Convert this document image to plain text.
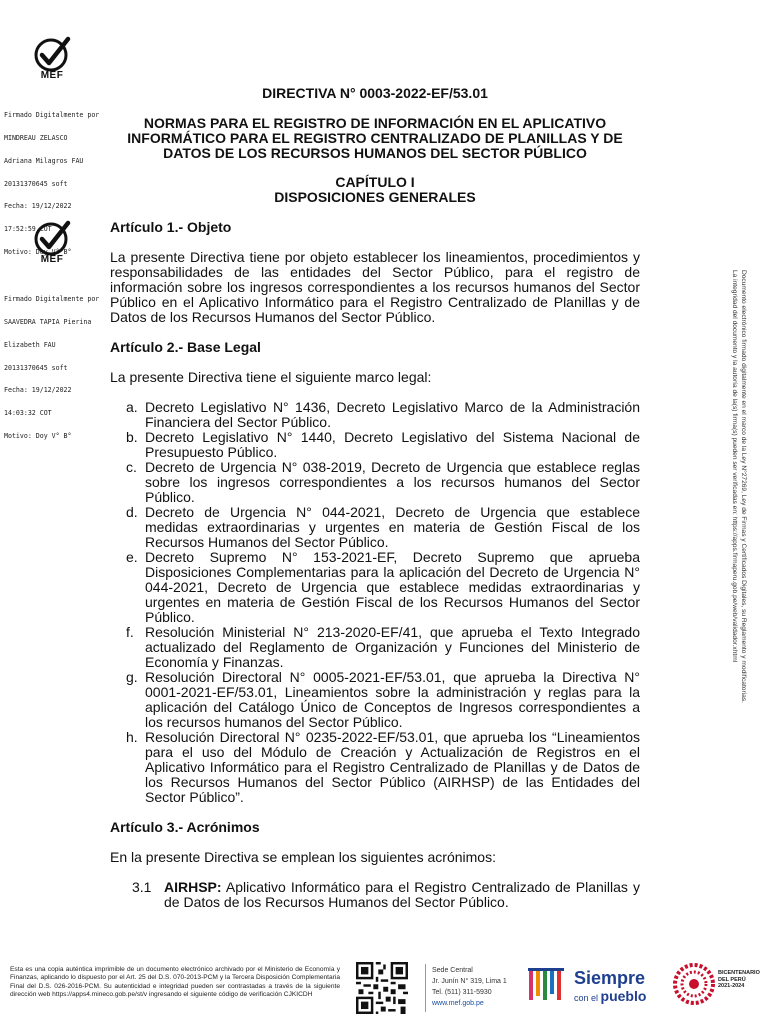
MEF

Firmado Digitalmente por

MINDREAU ZELASCO

Adriana Milagros FAU

20131370645 soft

Fecha: 19/12/2022

17:52:59 COT

Motivo: Doy V° B°

MEF

Firmado Digitalmente por

SAAVEDRA TAPIA Pierina

Elizabeth FAU

20131370645 soft

Fecha: 19/12/2022

14:03:32 COT

Motivo: Doy V° B°

	Documento electrónico firmado digitalmente en el marco de la Ley N°27269, Ley de Firmas y Certificados Digitales, su Reglamento y modificatorias.
La integridad del documento y la autoría de la(s) firma(s) pueden ser verificadas en: https://apps.firmaperu.gob.pe/web/validador.xhtml
DIRECTIVA N° 0003-2022-EF/53.01
NORMAS PARA EL REGISTRO DE INFORMACIÓN EN EL APLICATIVO INFORMÁTICO PARA EL REGISTRO CENTRALIZADO DE PLANILLAS Y DE DATOS DE LOS RECURSOS HUMANOS DEL SECTOR PÚBLICO
CAPÍTULO I
DISPOSICIONES GENERALES
Artículo 1.- Objeto
La presente Directiva tiene por objeto establecer los lineamientos, procedimientos y responsabilidades de las entidades del Sector Público, para el registro de información sobre los ingresos correspondientes a los recursos humanos del Sector Público en el Aplicativo Informático para el Registro Centralizado de Planillas y de Datos de los Recursos Humanos del Sector Público.
Artículo 2.- Base Legal
La presente Directiva tiene el siguiente marco legal:
a. Decreto Legislativo N° 1436, Decreto Legislativo Marco de la Administración Financiera del Sector Público.
b. Decreto Legislativo N° 1440, Decreto Legislativo del Sistema Nacional de Presupuesto Público.
c. Decreto de Urgencia N° 038-2019, Decreto de Urgencia que establece reglas sobre los ingresos correspondientes a los recursos humanos del Sector Público.
d. Decreto de Urgencia N° 044-2021, Decreto de Urgencia que establece medidas extraordinarias y urgentes en materia de Gestión Fiscal de los Recursos Humanos del Sector Público.
e. Decreto Supremo N° 153-2021-EF, Decreto Supremo que aprueba Disposiciones Complementarias para la aplicación del Decreto de Urgencia N° 044-2021, Decreto de Urgencia que establece medidas extraordinarias y urgentes en materia de Gestión Fiscal de los Recursos Humanos del Sector Público.
f. Resolución Ministerial N° 213-2020-EF/41, que aprueba el Texto Integrado actualizado del Reglamento de Organización y Funciones del Ministerio de Economía y Finanzas.
g. Resolución Directoral N° 0005-2021-EF/53.01, que aprueba la Directiva N° 0001-2021-EF/53.01, Lineamientos sobre la administración y reglas para la aplicación del Catálogo Único de Conceptos de Ingresos correspondientes a los recursos humanos del Sector Público.
h. Resolución Directoral N° 0235-2022-EF/53.01, que aprueba los “Lineamientos para el uso del Módulo de Creación y Actualización de Registros en el Aplicativo Informático para el Registro Centralizado de Planillas y de Datos de los Recursos Humanos del Sector Público (AIRHSP) de las Entidades del Sector Público”.
Artículo 3.- Acrónimos
En la presente Directiva se emplean los siguientes acrónimos:
3.1 AIRHSP: Aplicativo Informático para el Registro Centralizado de Planillas y de Datos de los Recursos Humanos del Sector Público.
Esta es una copia auténtica imprimible de un documento electrónico archivado por el Ministerio de Economía y Finanzas, aplicando lo dispuesto por el Art. 25 del D.S. 070-2013-PCM y la Tercera Disposición Complementaria Final del D.S. 026-2016-PCM. Su autenticidad e integridad pueden ser contrastadas a través de la siguiente dirección web https://apps4.mineco.gob.pe/st/v ingresando el siguiente código de verificación CJKICDH
Sede Central
Jr. Junín N° 319, Lima 1
Tel. (511) 311-5930
www.mef.gob.pe
Siempre
con el pueblo
BICENTENARIO
DEL PERÚ
2021-2024
